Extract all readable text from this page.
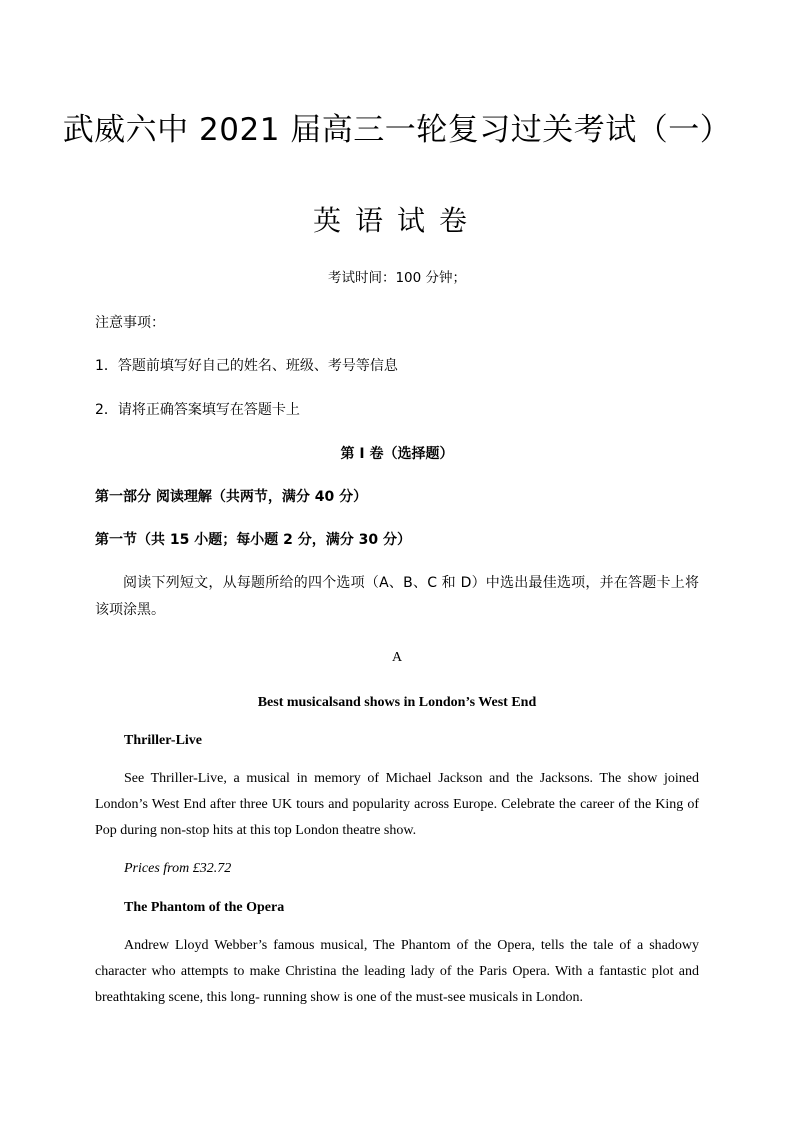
武威六中 2021 届高三一轮复习过关考试（一）
英语试卷
考试时间：100 分钟；
注意事项：
1．答题前填写好自己的姓名、班级、考号等信息
2．请将正确答案填写在答题卡上
第 I 卷（选择题）
第一部分 阅读理解（共两节，满分 40 分）
第一节（共 15 小题；每小题 2 分，满分 30 分）
阅读下列短文，从每题所给的四个选项（A、B、C 和 D）中选出最佳选项，并在答题卡上将该项涂黑。
A
Best musicalsand shows in London’s West End
Thriller-Live
See Thriller-Live, a musical in memory of Michael Jackson and the Jacksons. The show joined London’s West End after three UK tours and popularity across Europe. Celebrate the career of the King of Pop during non-stop hits at this top London theatre show.
Prices from £32.72
The Phantom of the Opera
Andrew Lloyd Webber’s famous musical, The Phantom of the Opera, tells the tale of a shadowy character who attempts to make Christina the leading lady of the Paris Opera. With a fantastic plot and breathtaking scene, this long- running show is one of the must-see musicals in London.
